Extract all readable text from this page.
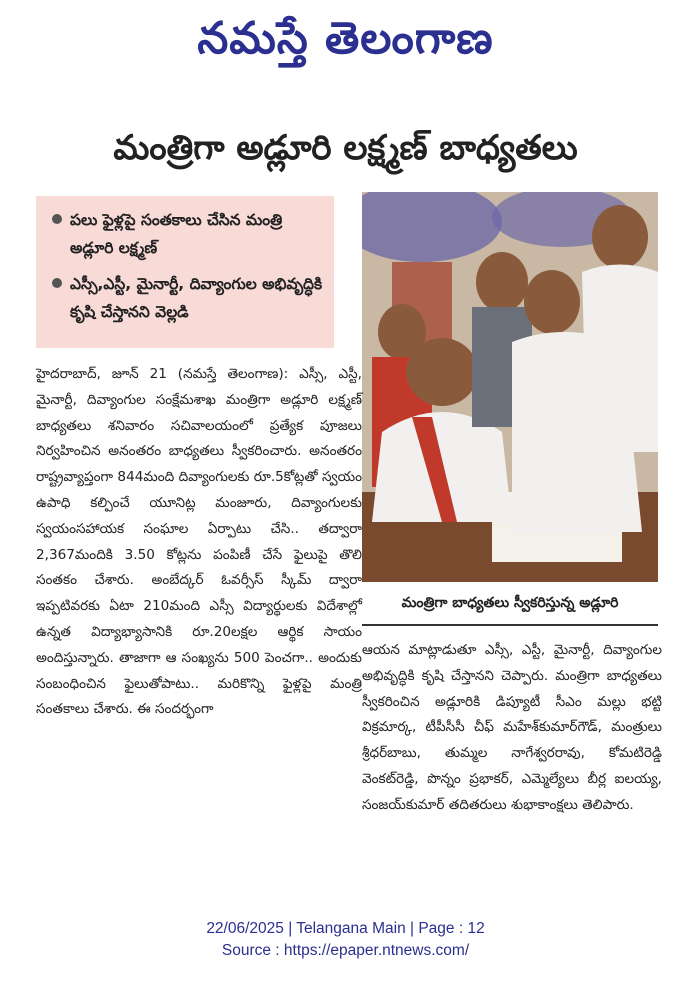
నమస్తే తెలంగాణ
మంత్రిగా అడ్లూరి లక్ష్మణ్ బాధ్యతలు
పలు ఫైళ్లపై సంతకాలు చేసిన మంత్రి అడ్లూరి లక్ష్మణ్
ఎస్సీ,ఎస్టీ, మైనార్టీ, దివ్యాంగుల అభివృద్ధికి కృషి చేస్తానని వెల్లడి
మంత్రిగా బాధ్యతలు స్వీకరిస్తున్న అడ్లూరి

హైదరాబాద్, జూన్ 21 (నమస్తే తెలంగాణ): ఎస్సీ, ఎస్టీ, మైనార్టీ, దివ్యాంగుల సంక్షేమశాఖ మంత్రిగా అడ్లూరి లక్ష్మణ్ బాధ్యతలు శనివారం సచివాలయంలో ప్రత్యేక పూజలు నిర్వహించిన అనంతరం బాధ్యతలు స్వీకరించారు. అనంతరం రాష్ట్రవ్యాప్తంగా 844మంది దివ్యాంగులకు రూ.5కోట్లతో స్వయం ఉపాధి కల్పించే యూనిట్ల మంజూరు, దివ్యాంగులకు స్వయంసహాయక సంఘాల ఏర్పాటు చేసి.. తద్వారా 2,367మందికి 3.50 కోట్లను పంపిణీ చేసే ఫైలుపై తొలి సంతకం చేశారు. అంబేద్కర్ ఓవర్సీస్ స్కీమ్ ద్వారా ఇప్పటివరకు ఏటా 210మంది ఎస్సీ విద్యార్థులకు విదేశాల్లో ఉన్నత విద్యాభ్యాసానికి రూ.20లక్షల ఆర్థిక సాయం అందిస్తున్నారు. తాజాగా ఆ సంఖ్యను 500 పెంచగా.. అందుకు సంబంధించిన ఫైలుతోపాటు.. మరికొన్ని ఫైళ్లపై మంత్రి సంతకాలు చేశారు. ఈ సందర్భంగా

ఆయన మాట్లాడుతూ ఎస్సీ, ఎస్టీ, మైనార్టీ, దివ్యాంగుల అభివృద్ధికి కృషి చేస్తానని చెప్పారు. మంత్రిగా బాధ్యతలు స్వీకరించిన అడ్లూరికి డిప్యూటీ సీఎం మల్లు భట్టి విక్రమార్క, టీపీసీసీ చీఫ్ మహేశ్‌కుమార్‌గౌడ్, మంత్రులు శ్రీధర్‌బాబు, తుమ్మల నాగేశ్వరరావు, కోమటిరెడ్డి వెంకట్‌రెడ్డి, పొన్నం ప్రభాకర్, ఎమ్మెల్యేలు బీర్ల ఐలయ్య, సంజయ్‌కుమార్ తదితరులు శుభాకాంక్షలు తెలిపారు.

22/06/2025 | Telangana Main | Page : 12
Source : https://epaper.ntnews.com/
